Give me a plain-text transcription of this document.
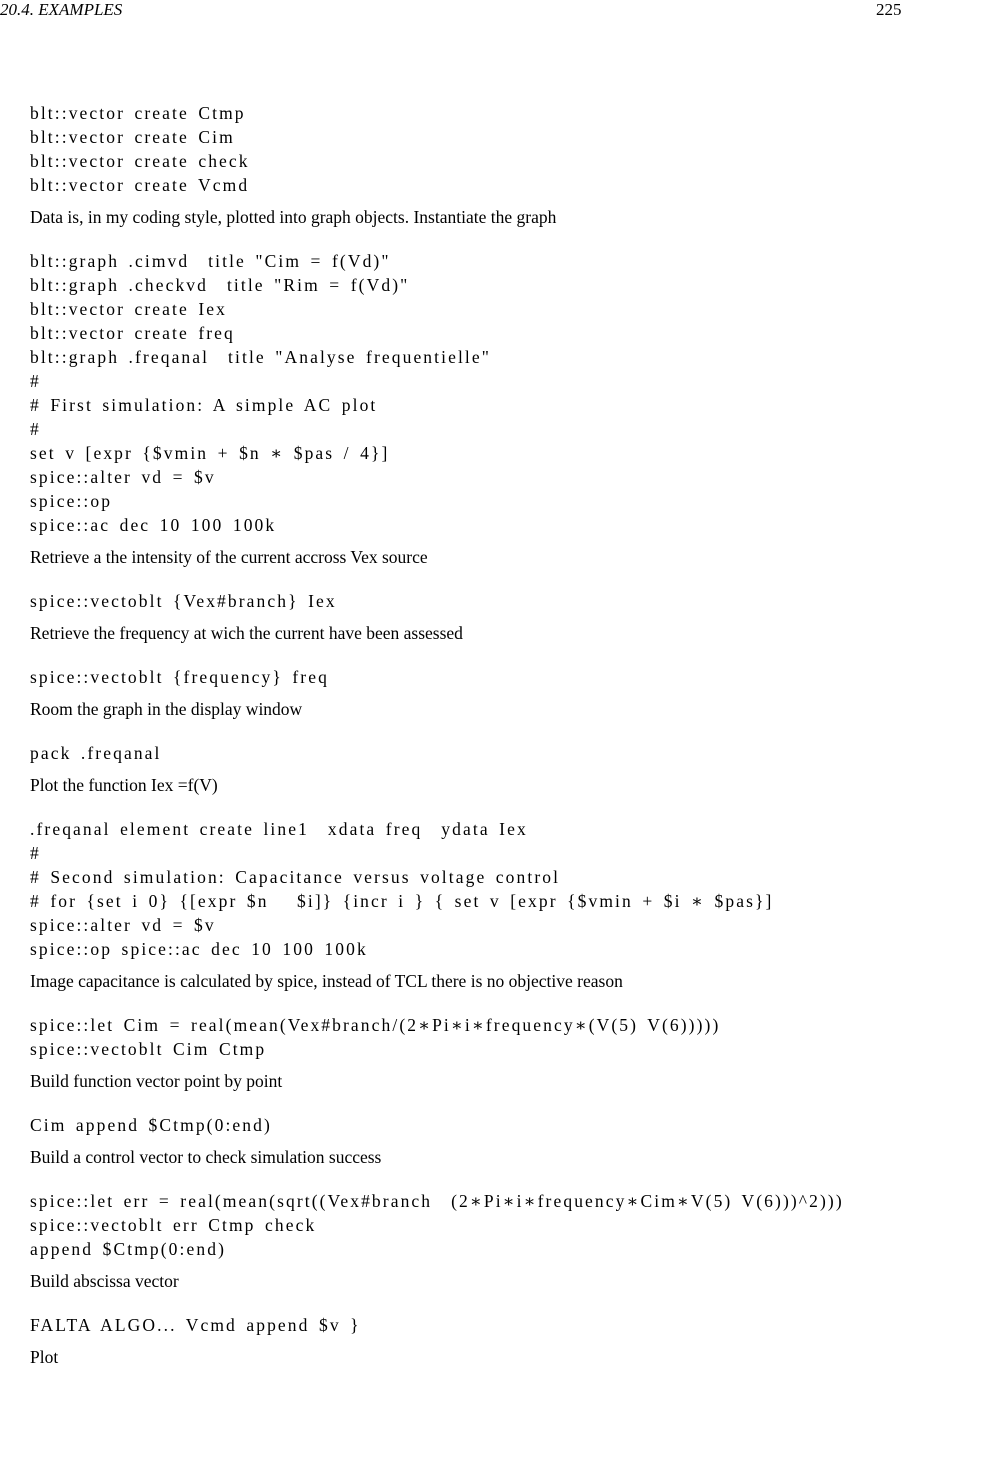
20.4. EXAMPLES	225
blt::vector create Ctmp
blt::vector create Cim
blt::vector create check
blt::vector create Vcmd
Data is, in my coding style, plotted into graph objects. Instantiate the graph
blt::graph .cimvd  title "Cim = f(Vd)"
blt::graph .checkvd  title "Rim = f(Vd)"
blt::vector create Iex
blt::vector create freq
blt::graph .freqanal  title "Analyse frequentielle"
#
# First simulation: A simple AC plot
#
set v [expr {$vmin + $n ∗ $pas / 4}]
spice::alter vd = $v
spice::op
spice::ac dec 10 100 100k
Retrieve a the intensity of the current accross Vex source
spice::vectoblt {Vex#branch} Iex
Retrieve the frequency at wich the current have been assessed
spice::vectoblt {frequency} freq
Room the graph in the display window
pack .freqanal
Plot the function Iex =f(V)
.freqanal element create line1  xdata freq  ydata Iex
#
# Second simulation: Capacitance versus voltage control
# for {set i 0} {[expr $n   $i]} {incr i } { set v [expr {$vmin + $i ∗ $pas}]
spice::alter vd = $v
spice::op spice::ac dec 10 100 100k
Image capacitance is calculated by spice, instead of TCL there is no objective reason
spice::let Cim = real(mean(Vex#branch/(2∗Pi∗i∗frequency∗(V(5) V(6)))))
spice::vectoblt Cim Ctmp
Build function vector point by point
Cim append $Ctmp(0:end)
Build a control vector to check simulation success
spice::let err = real(mean(sqrt((Vex#branch  (2∗Pi∗i∗frequency∗Cim∗V(5) V(6)))^2)))
spice::vectoblt err Ctmp check
append $Ctmp(0:end)
Build abscissa vector
FALTA ALGO... Vcmd append $v }
Plot
